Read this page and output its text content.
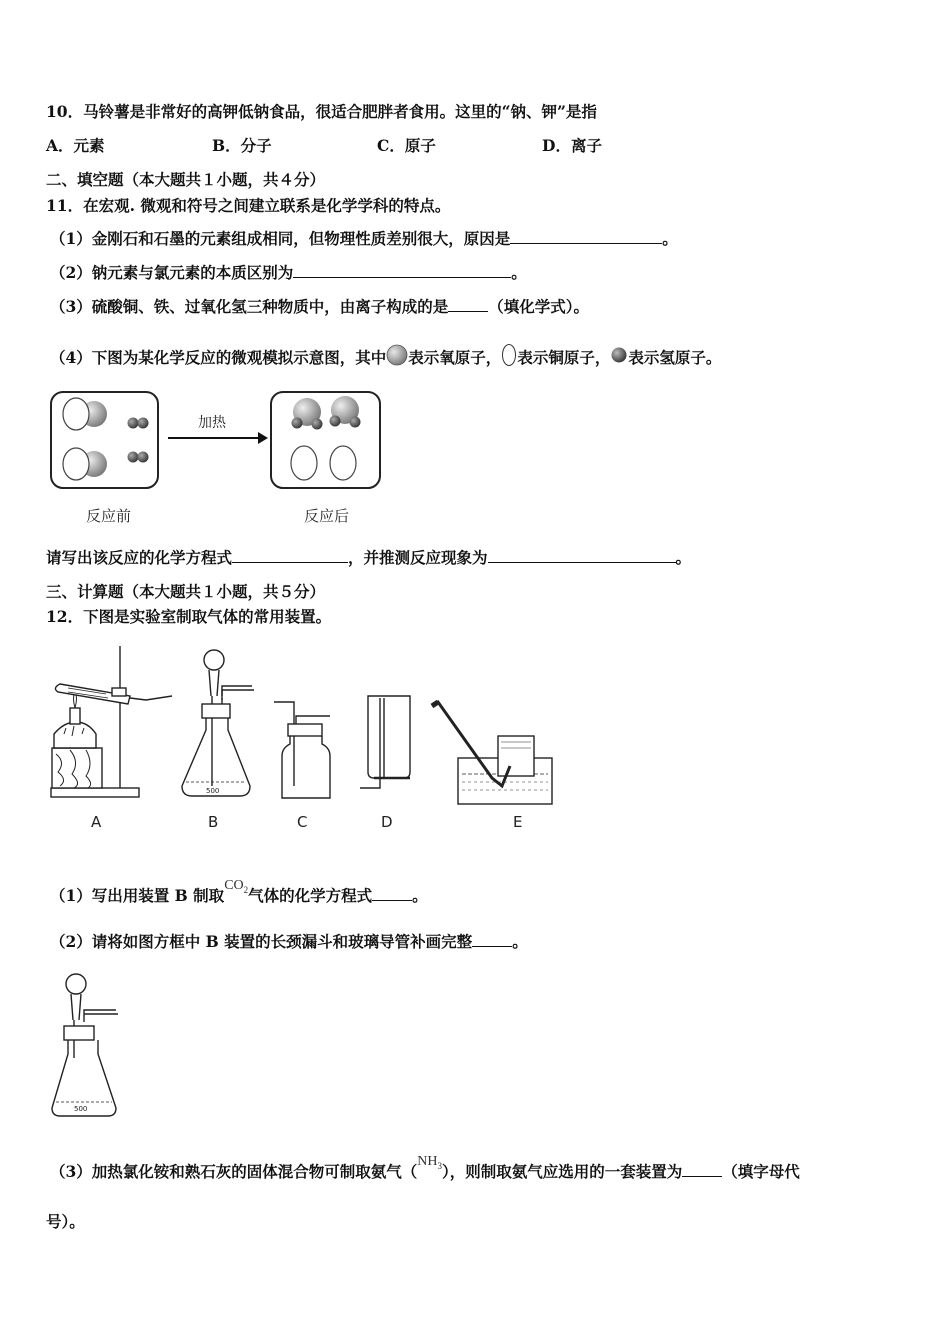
10．马铃薯是非常好的高钾低钠食品，很适合肥胖者食用。这里的“钠、钾”是指
A．元素	B．分子	C．原子	D．离子
二、填空题（本大题共１小题，共４分）
11．在宏观. 微观和符号之间建立联系是化学学科的特点。
（1）金刚石和石墨的元素组成相同，但物理性质差别很大，原因是	。
（2）钠元素与氯元素的本质区别为	。
（3）硫酸铜、铁、过氧化氢三种物质中，由离子构成的是	（填化学式）。
（4）下图为某化学反应的微观模拟示意图，其中 表示氧原子， 表示铜原子， 表示氢原子。
加热
反应前	反应后
请写出该反应的化学方程式	，并推测反应现象为	。
三、计算题（本大题共１小题，共５分）
12．下图是实验室制取气体的常用装置。
500
A	B	C	D	E
（1）写出用装置 B 制取$CO_2$气体的化学方程式	。
（2）请将如图方框中 B 装置的长颈漏斗和玻璃导管补画完整	。
500
（3）加热氯化铵和熟石灰的固体混合物可制取氨气$(NH_3)$，则制取氨气应选用的一套装置为	（填字母代
号）。
